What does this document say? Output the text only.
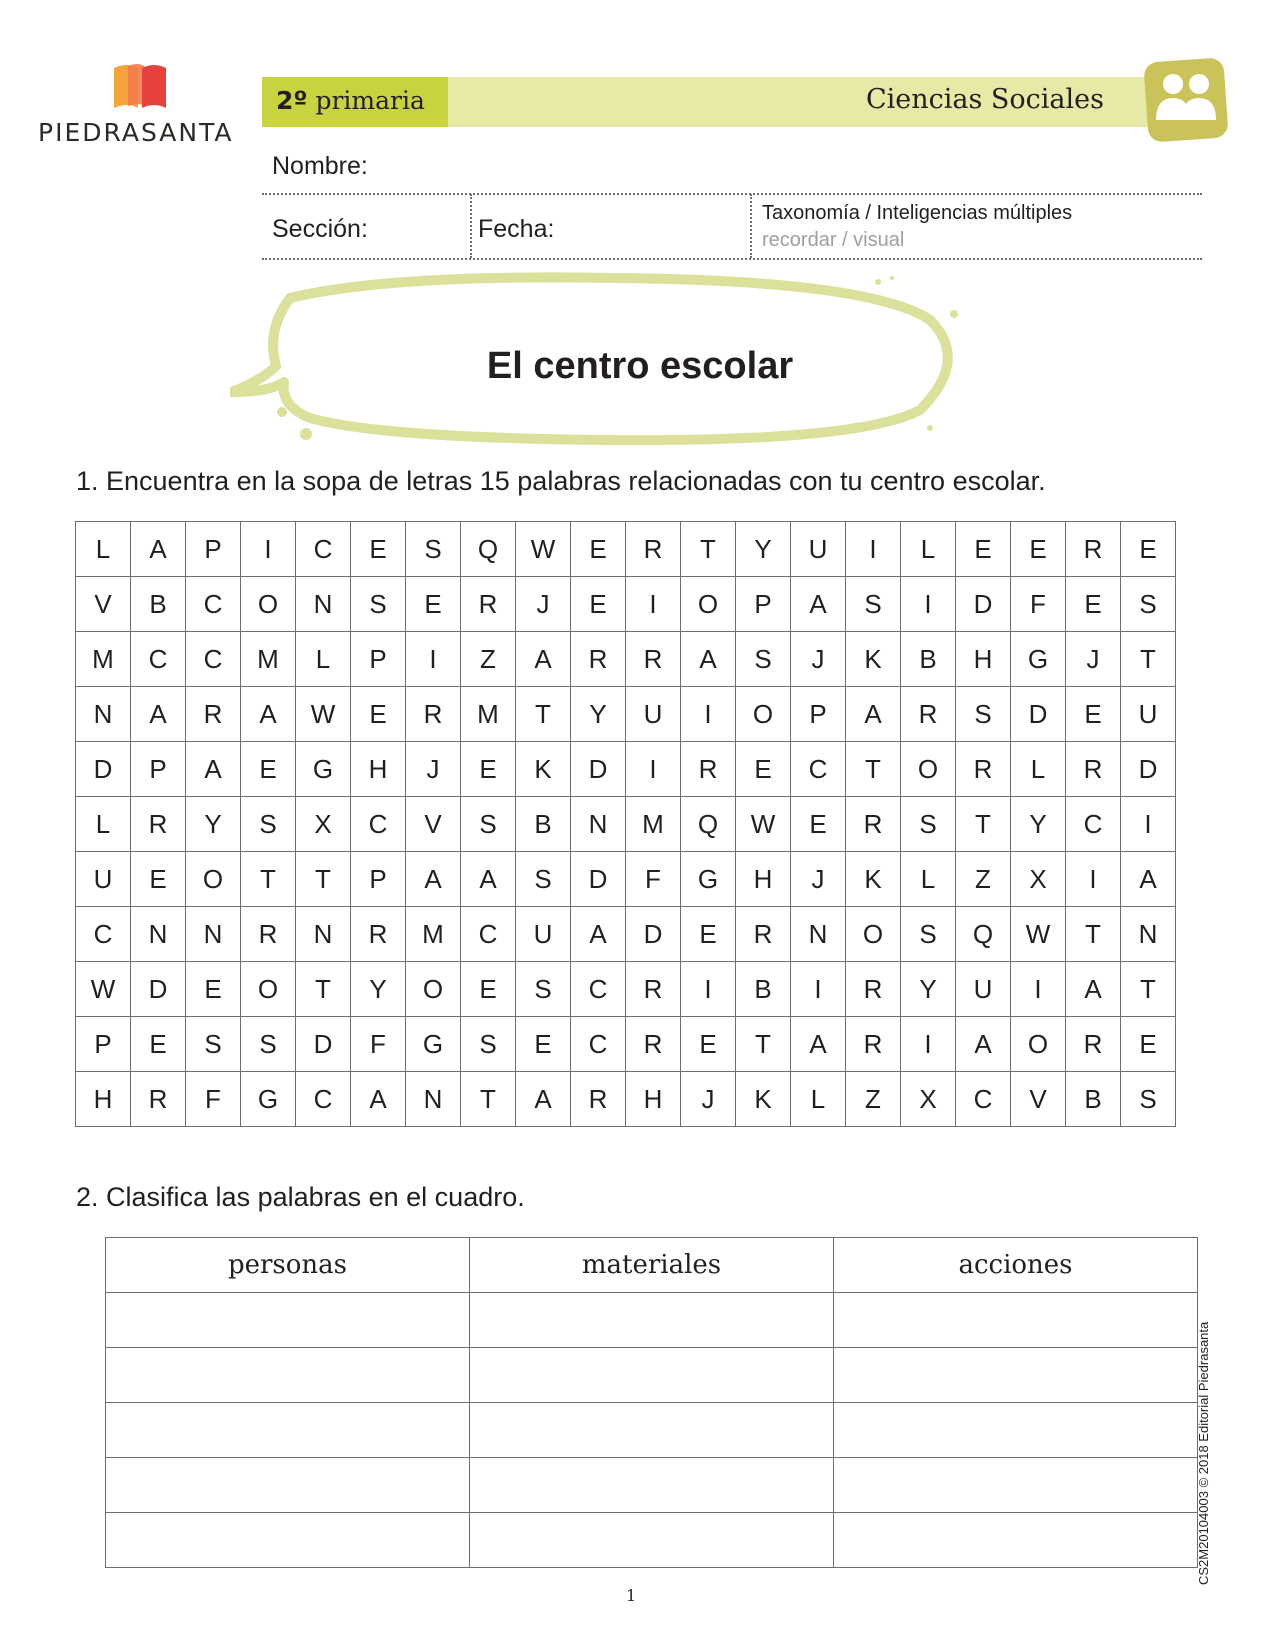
PIEDRASANTA
2º primaria	Ciencias Sociales
Nombre:
Sección:	Fecha:
Taxonomía / Inteligencias múltiples
recordar / visual
El centro escolar
1. Encuentra en la sopa de letras 15 palabras relacionadas con tu centro escolar.
L	A	P	I	C	E	S	Q	W	E	R	T	Y	U	I	L	E	E	R	E
V	B	C	O	N	S	E	R	J	E	I	O	P	A	S	I	D	F	E	S
M	C	C	M	L	P	I	Z	A	R	R	A	S	J	K	B	H	G	J	T
N	A	R	A	W	E	R	M	T	Y	U	I	O	P	A	R	S	D	E	U
D	P	A	E	G	H	J	E	K	D	I	R	E	C	T	O	R	L	R	D
L	R	Y	S	X	C	V	S	B	N	M	Q	W	E	R	S	T	Y	C	I
U	E	O	T	T	P	A	A	S	D	F	G	H	J	K	L	Z	X	I	A
C	N	N	R	N	R	M	C	U	A	D	E	R	N	O	S	Q	W	T	N
W	D	E	O	T	Y	O	E	S	C	R	I	B	I	R	Y	U	I	A	T
P	E	S	S	D	F	G	S	E	C	R	E	T	A	R	I	A	O	R	E
H	R	F	G	C	A	N	T	A	R	H	J	K	L	Z	X	C	V	B	S
2. Clasifica las palabras en el cuadro.
personas	materiales	acciones

CS2M20104003 © 2018 Editorial Piedrasanta
1
